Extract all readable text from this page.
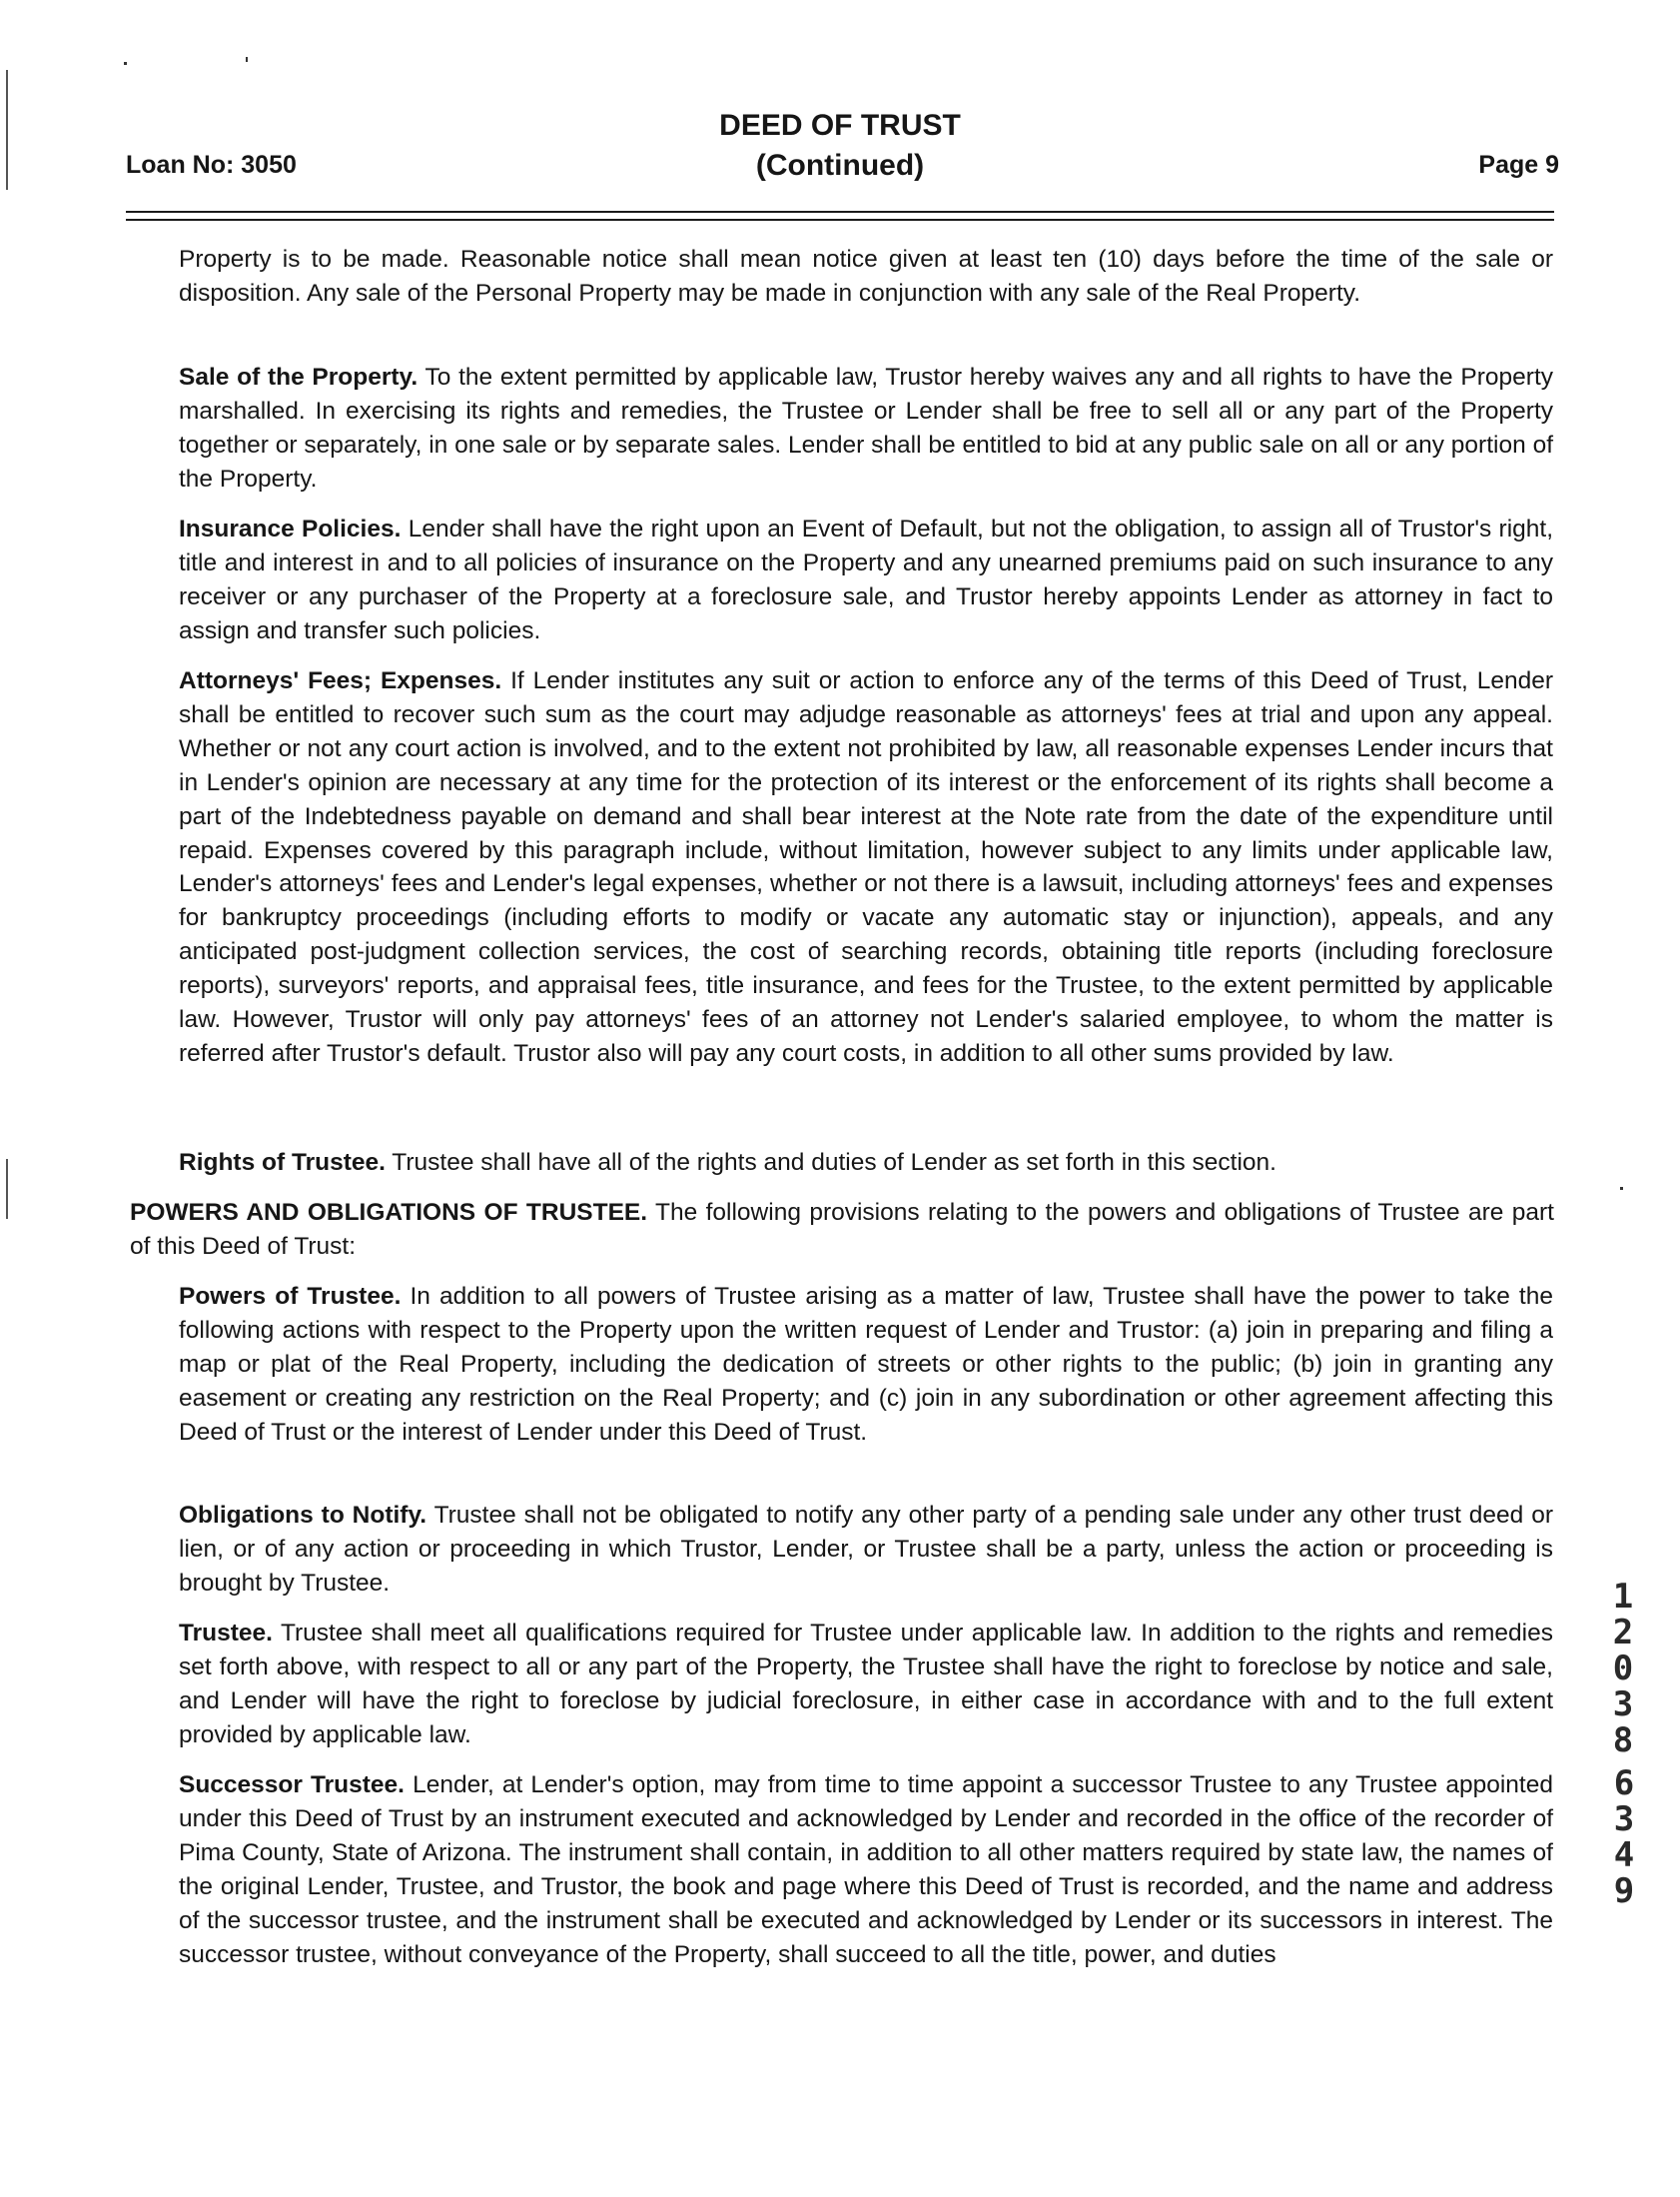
DEED OF TRUST
(Continued)
Loan No: 3050	Page 9
Property is to be made. Reasonable notice shall mean notice given at least ten (10) days before the time of the sale or disposition. Any sale of the Personal Property may be made in conjunction with any sale of the Real Property.
Sale of the Property. To the extent permitted by applicable law, Trustor hereby waives any and all rights to have the Property marshalled. In exercising its rights and remedies, the Trustee or Lender shall be free to sell all or any part of the Property together or separately, in one sale or by separate sales. Lender shall be entitled to bid at any public sale on all or any portion of the Property.
Insurance Policies. Lender shall have the right upon an Event of Default, but not the obligation, to assign all of Trustor's right, title and interest in and to all policies of insurance on the Property and any unearned premiums paid on such insurance to any receiver or any purchaser of the Property at a foreclosure sale, and Trustor hereby appoints Lender as attorney in fact to assign and transfer such policies.
Attorneys' Fees; Expenses. If Lender institutes any suit or action to enforce any of the terms of this Deed of Trust, Lender shall be entitled to recover such sum as the court may adjudge reasonable as attorneys' fees at trial and upon any appeal. Whether or not any court action is involved, and to the extent not prohibited by law, all reasonable expenses Lender incurs that in Lender's opinion are necessary at any time for the protection of its interest or the enforcement of its rights shall become a part of the Indebtedness payable on demand and shall bear interest at the Note rate from the date of the expenditure until repaid. Expenses covered by this paragraph include, without limitation, however subject to any limits under applicable law, Lender's attorneys' fees and Lender's legal expenses, whether or not there is a lawsuit, including attorneys' fees and expenses for bankruptcy proceedings (including efforts to modify or vacate any automatic stay or injunction), appeals, and any anticipated post-judgment collection services, the cost of searching records, obtaining title reports (including foreclosure reports), surveyors' reports, and appraisal fees, title insurance, and fees for the Trustee, to the extent permitted by applicable law. However, Trustor will only pay attorneys' fees of an attorney not Lender's salaried employee, to whom the matter is referred after Trustor's default. Trustor also will pay any court costs, in addition to all other sums provided by law.
Rights of Trustee. Trustee shall have all of the rights and duties of Lender as set forth in this section.
POWERS AND OBLIGATIONS OF TRUSTEE. The following provisions relating to the powers and obligations of Trustee are part of this Deed of Trust:
Powers of Trustee. In addition to all powers of Trustee arising as a matter of law, Trustee shall have the power to take the following actions with respect to the Property upon the written request of Lender and Trustor: (a) join in preparing and filing a map or plat of the Real Property, including the dedication of streets or other rights to the public; (b) join in granting any easement or creating any restriction on the Real Property; and (c) join in any subordination or other agreement affecting this Deed of Trust or the interest of Lender under this Deed of Trust.
Obligations to Notify. Trustee shall not be obligated to notify any other party of a pending sale under any other trust deed or lien, or of any action or proceeding in which Trustor, Lender, or Trustee shall be a party, unless the action or proceeding is brought by Trustee.
Trustee. Trustee shall meet all qualifications required for Trustee under applicable law. In addition to the rights and remedies set forth above, with respect to all or any part of the Property, the Trustee shall have the right to foreclose by notice and sale, and Lender will have the right to foreclose by judicial foreclosure, in either case in accordance with and to the full extent provided by applicable law.
Successor Trustee. Lender, at Lender's option, may from time to time appoint a successor Trustee to any Trustee appointed under this Deed of Trust by an instrument executed and acknowledged by Lender and recorded in the office of the recorder of Pima County, State of Arizona. The instrument shall contain, in addition to all other matters required by state law, the names of the original Lender, Trustee, and Trustor, the book and page where this Deed of Trust is recorded, and the name and address of the successor trustee, and the instrument shall be executed and acknowledged by Lender or its successors in interest. The successor trustee, without conveyance of the Property, shall succeed to all the title, power, and duties
1
2
0
3
8
6
3
4
9
